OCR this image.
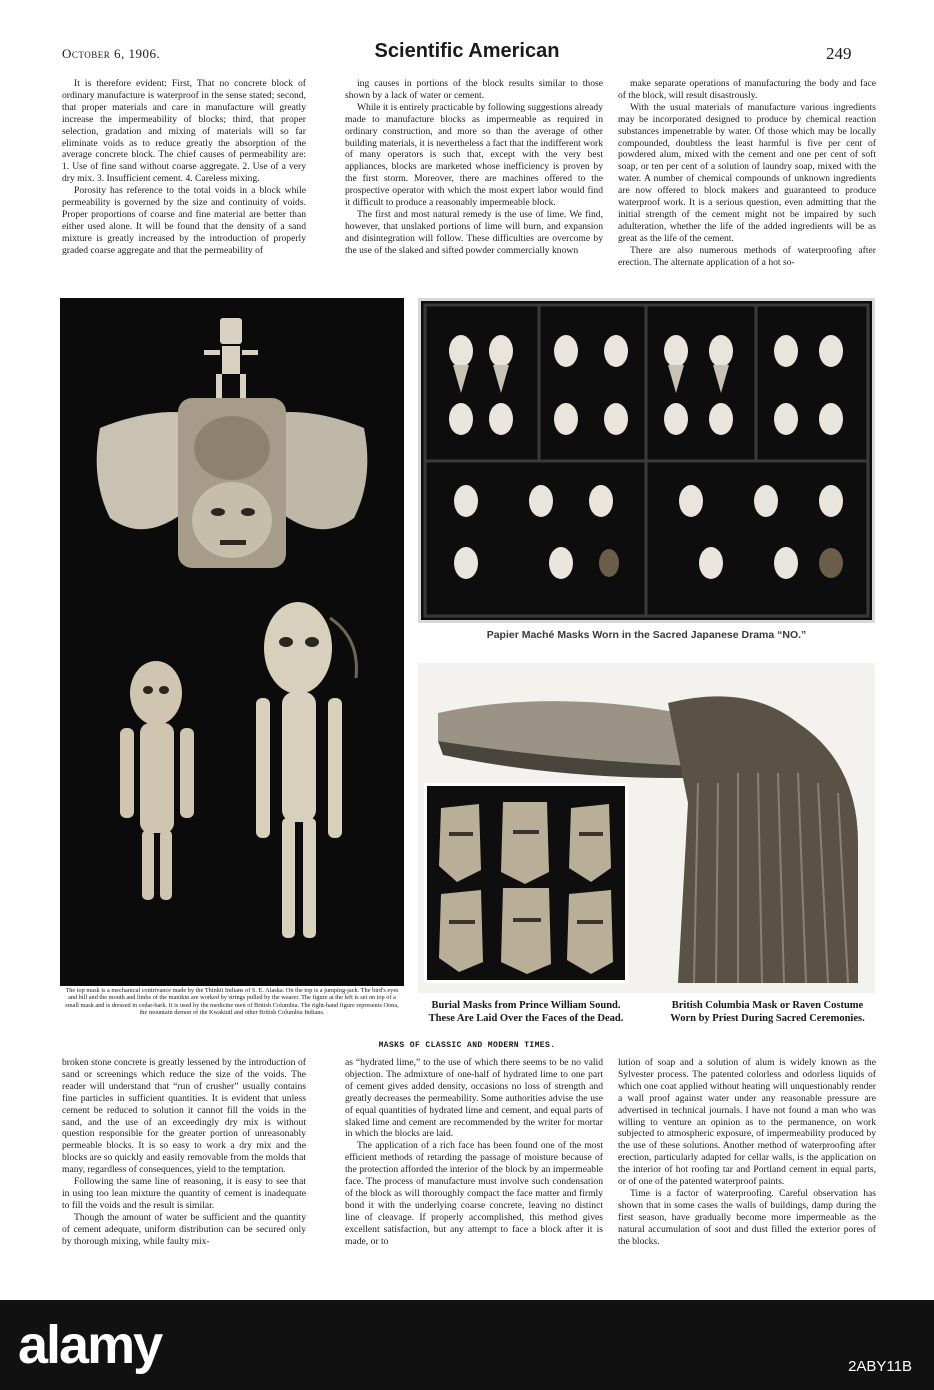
October 6, 1906.	Scientific American	249

It is therefore evident: First, That no concrete block of ordinary manufacture is waterproof in the sense stated; second, that proper materials and care in manufacture will greatly increase the impermeability of blocks; third, that proper selection, gradation and mixing of materials will so far eliminate voids as to reduce greatly the absorption of the average concrete block. The chief causes of permeability are: 1. Use of fine sand without coarse aggregate. 2. Use of a very dry mix. 3. Insufficient cement. 4. Careless mixing.

Porosity has reference to the total voids in a block while permeability is governed by the size and continuity of voids. Proper proportions of coarse and fine material are better than either used alone. It will be found that the density of a sand mixture is greatly increased by the introduction of properly graded coarse aggregate and that the permeability of

ing causes in portions of the block results similar to those shown by a lack of water or cement.

While it is entirely practicable by following suggestions already made to manufacture blocks as impermeable as required in ordinary construction, and more so than the average of other building materials, it is nevertheless a fact that the indifferent work of many operators is such that, except with the very best appliances, blocks are marketed whose inefficiency is proven by the first storm. Moreover, there are machines offered to the prospective operator with which the most expert labor would find it difficult to produce a reasonably impermeable block.

The first and most natural remedy is the use of lime. We find, however, that unslaked portions of lime will burn, and expansion and disintegration will follow. These difficulties are overcome by the use of the slaked and sifted powder commercially known

make separate operations of manufacturing the body and face of the block, will result disastrously.

With the usual materials of manufacture various ingredients may be incorporated designed to produce by chemical reaction substances impenetrable by water. Of those which may be locally compounded, doubtless the least harmful is five per cent of powdered alum, mixed with the cement and one per cent of soft soap, or ten per cent of a solution of laundry soap, mixed with the water. A number of chemical compounds of unknown ingredients are now offered to block makers and guaranteed to produce waterproof work. It is a serious question, even admitting that the initial strength of the cement might not be impaired by such adulteration, whether the life of the added ingredients will be as great as the life of the cement.

There are also numerous methods of waterproofing after erection. The alternate application of a hot so-

The top mask is a mechanical contrivance made by the Thinkit Indians of S. E. Alaska. On the top is a jumping-jack. The bird's eyes and bill and the mouth and limbs of the manikin are worked by strings pulled by the wearer. The figure at the left is set on top of a small mask and is dressed in cedar-bark. It is used by the medicine men of British Columbia. The right-hand figure represents Oona, the mountain demon of the Kwakiutl and other British Columbia Indians.
Papier Maché Masks Worn in the Sacred Japanese Drama “NO.”
Burial Masks from Prince William Sound. These Are Laid Over the Faces of the Dead.
British Columbia Mask or Raven Costume Worn by Priest During Sacred Ceremonies.
MASKS OF CLASSIC AND MODERN TIMES.

broken stone concrete is greatly lessened by the introduction of sand or screenings which reduce the size of the voids. The reader will understand that “run of crusher” usually contains fine particles in sufficient quantities. It is evident that unless cement be reduced to solution it cannot fill the voids in the sand, and the use of an exceedingly dry mix is without question responsible for the greater portion of unreasonably permeable blocks. It is so easy to work a dry mix and the blocks are so quickly and easily removable from the molds that many, regardless of consequences, yield to the temptation.

Following the same line of reasoning, it is easy to see that in using too lean mixture the quantity of cement is inadequate to fill the voids and the result is similar.

Though the amount of water be sufficient and the quantity of cement adequate, uniform distribution can be secured only by thorough mixing, while faulty mix-

as “hydrated lime,” to the use of which there seems to be no valid objection. The admixture of one-half of hydrated lime to one part of cement gives added density, occasions no loss of strength and greatly decreases the permeability. Some authorities advise the use of equal quantities of hydrated lime and cement, and equal parts of slaked lime and cement are recommended by the writer for mortar in which the blocks are laid.

The application of a rich face has been found one of the most efficient methods of retarding the passage of moisture because of the protection afforded the interior of the block by an impermeable face. The process of manufacture must involve such condensation of the block as will thoroughly compact the face matter and firmly bond it with the underlying coarse concrete, leaving no distinct line of cleavage. If properly accomplished, this method gives excellent satisfaction, but any attempt to face a block after it is made, or to

lution of soap and a solution of alum is widely known as the Sylvester process. The patented colorless and odorless liquids of which one coat applied without heating will unquestionably render a wall proof against water under any reasonable pressure are advertised in technical journals. I have not found a man who was willing to venture an opinion as to the permanence, on work subjected to atmospheric exposure, of impermeability produced by the use of these solutions. Another method of waterproofing after erection, particularly adapted for cellar walls, is the application on the interior of hot roofing tar and Portland cement in equal parts, or of one of the patented waterproof paints.

Time is a factor of waterproofing. Careful observation has shown that in some cases the walls of buildings, damp during the first season, have gradually become more impermeable as the natural accumulation of soot and dust filled the exterior pores of the blocks.

alamy	2ABY11B
